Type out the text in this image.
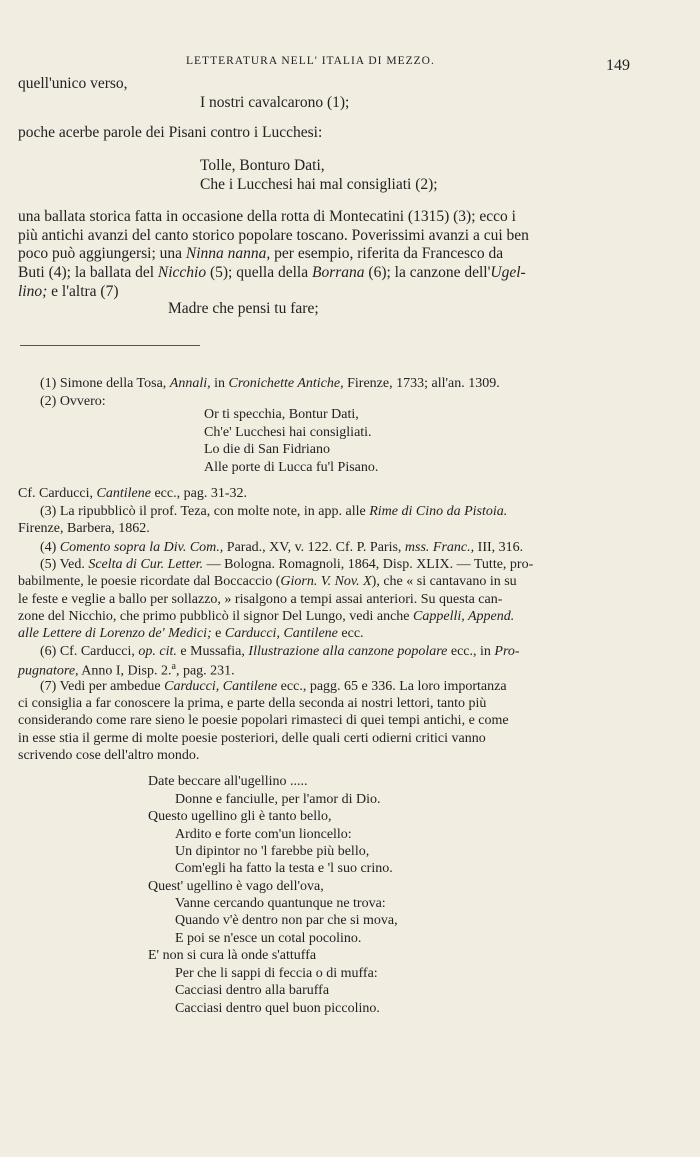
LETTERATURA NELL' ITALIA DI MEZZO.	149
quell'unico verso,
I nostri cavalcarono (1);
poche acerbe parole dei Pisani contro i Lucchesi:
Tolle, Bonturo Dati,
Che i Lucchesi hai mal consigliati (2);
una ballata storica fatta in occasione della rotta di Montecatini (1315) (3); ecco i
più antichi avanzi del canto storico popolare toscano. Poverissimi avanzi a cui ben
poco può aggiungersi; una Ninna nanna, per esempio, riferita da Francesco da
Buti (4); la ballata del Nicchio (5); quella della Borrana (6); la canzone dell'Ugel-
lino; e l'altra (7)
Madre che pensi tu fare;
(1) Simone della Tosa, Annali, in Cronichette Antiche, Firenze, 1733; all'an. 1309.
(2) Ovvero:
Or ti specchia, Bontur Dati,
Ch'e' Lucchesi hai consigliati.
Lo die di San Fidriano
Alle porte di Lucca fu'l Pisano.
Cf. Carducci, Cantilene ecc., pag. 31-32.
(3) La ripubblicò il prof. Teza, con molte note, in app. alle Rime di Cino da Pistoia.
Firenze, Barbera, 1862.
(4) Comento sopra la Div. Com., Parad., XV, v. 122. Cf. P. Paris, mss. Franc., III, 316.
(5) Ved. Scelta di Cur. Letter. — Bologna. Romagnoli, 1864, Disp. XLIX. — Tutte, pro-
babilmente, le poesie ricordate dal Boccaccio (Giorn. V. Nov. X), che « si cantavano in su
le feste e veglie a ballo per sollazzo, » risalgono a tempi assai anteriori. Su questa can-
zone del Nicchio, che primo pubblicò il signor Del Lungo, vedi anche Cappelli, Append.
alle Lettere di Lorenzo de' Medici; e Carducci, Cantilene ecc.
(6) Cf. Carducci, op. cit. e Mussafia, Illustrazione alla canzone popolare ecc., in Pro-
pugnatore, Anno I, Disp. 2.$^a$, pag. 231.
(7) Vedi per ambedue Carducci, Cantilene ecc., pagg. 65 e 336. La loro importanza
ci consiglia a far conoscere la prima, e parte della seconda ai nostri lettori, tanto più
considerando come rare sieno le poesie popolari rimasteci di quei tempi antichi, e come
in esse stia il germe di molte poesie posteriori, delle quali certi odierni critici vanno
scrivendo cose dell'altro mondo.
Date beccare all'ugellino .....
Donne e fanciulle, per l'amor di Dio.
Questo ugellino gli è tanto bello,
Ardito e forte com'un lioncello:
Un dipintor no 'l farebbe più bello,
Com'egli ha fatto la testa e 'l suo crino.
Quest' ugellino è vago dell'ova,
Vanne cercando quantunque ne trova:
Quando v'è dentro non par che si mova,
E poi se n'esce un cotal pocolino.
E' non si cura là onde s'attuffa
Per che li sappi di feccia o di muffa:
Cacciasi dentro alla baruffa
Cacciasi dentro quel buon piccolino.
